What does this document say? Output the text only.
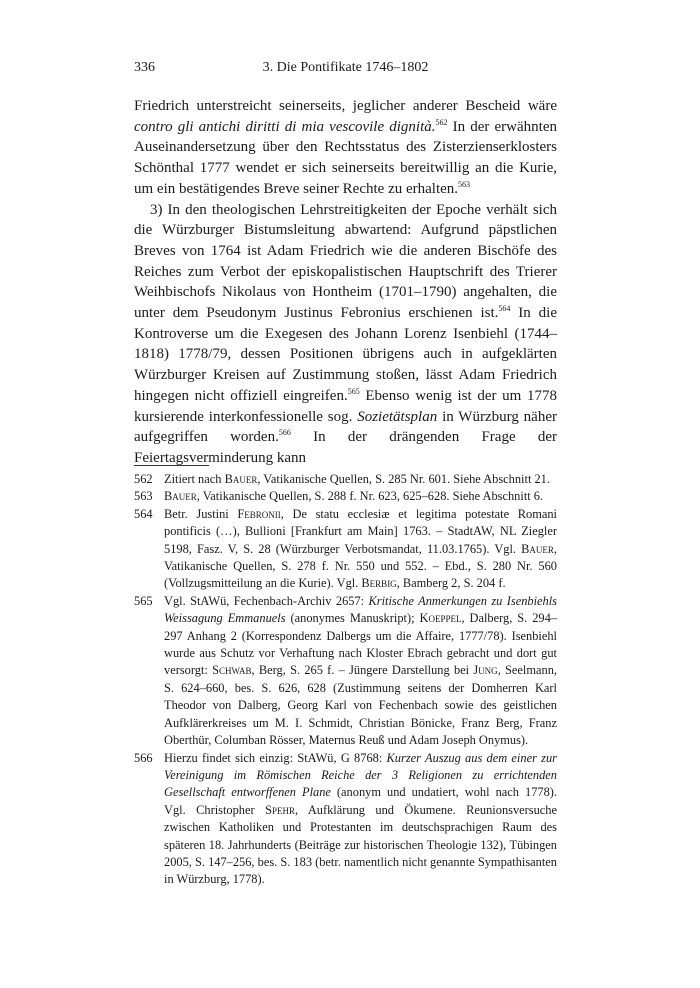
336	3. Die Pontifikate 1746–1802

Friedrich unterstreicht seinerseits, jeglicher anderer Bescheid wäre contro gli antichi diritti di mia vescovile dignità.$^{562}$ In der erwähnten Auseinandersetzung über den Rechtsstatus des Zisterzienserklosters Schönthal 1777 wendet er sich seinerseits bereitwillig an die Kurie, um ein bestätigendes Breve seiner Rechte zu erhalten.$^{563}$

3) In den theologischen Lehrstreitigkeiten der Epoche verhält sich die Würzburger Bistumsleitung abwartend: Aufgrund päpstlichen Breves von 1764 ist Adam Friedrich wie die anderen Bischöfe des Reiches zum Verbot der episkopalistischen Hauptschrift des Trierer Weihbischofs Nikolaus von Hontheim (1701–1790) angehalten, die unter dem Pseudonym Justinus Febronius erschienen ist.$^{564}$ In die Kontroverse um die Exegesen des Johann Lorenz Isenbiehl (1744–1818) 1778/79, dessen Positionen übrigens auch in aufgeklärten Würzburger Kreisen auf Zustimmung stoßen, lässt Adam Friedrich hingegen nicht offiziell eingreifen.$^{565}$ Ebenso wenig ist der um 1778 kursierende interkonfessionelle sog. Sozietätsplan in Würzburg näher aufgegriffen worden.$^{566}$ In der drängenden Frage der Feiertagsverminderung kann

562 Zitiert nach Bauer, Vatikanische Quellen, S. 285 Nr. 601. Siehe Abschnitt 21.
563 Bauer, Vatikanische Quellen, S. 288 f. Nr. 623, 625–628. Siehe Abschnitt 6.
564 Betr. Justini Febronii, De statu ecclesiæ et legitima potestate Romani pontificis (…), Bullioni [Frankfurt am Main] 1763. – StadtAW, NL Ziegler 5198, Fasz. V, S. 28 (Würzburger Verbotsmandat, 11.03.1765). Vgl. Bauer, Vatikanische Quellen, S. 278 f. Nr. 550 und 552. – Ebd., S. 280 Nr. 560 (Vollzugsmitteilung an die Kurie). Vgl. Berbig, Bamberg 2, S. 204 f.
565 Vgl. StAWü, Fechenbach-Archiv 2657: Kritische Anmerkungen zu Isenbiehls Weissagung Emmanuels (anonymes Manuskript); Koeppel, Dalberg, S. 294–297 Anhang 2 (Korrespondenz Dalbergs um die Affaire, 1777/78). Isenbiehl wurde aus Schutz vor Verhaftung nach Kloster Ebrach gebracht und dort gut versorgt: Schwab, Berg, S. 265 f. – Jüngere Darstellung bei Jung, Seelmann, S. 624–660, bes. S. 626, 628 (Zustimmung seitens der Domherren Karl Theodor von Dalberg, Georg Karl von Fechenbach sowie des geistlichen Aufklärerkreises um M. I. Schmidt, Christian Bönicke, Franz Berg, Franz Oberthür, Columban Rösser, Maternus Reuß und Adam Joseph Onymus).
566 Hierzu findet sich einzig: StAWü, G 8768: Kurzer Auszug aus dem einer zur Vereinigung im Römischen Reiche der 3 Religionen zu errichtenden Gesellschaft entworffenen Plane (anonym und undatiert, wohl nach 1778). Vgl. Christopher Spehr, Aufklärung und Ökumene. Reunionsversuche zwischen Katholiken und Protestanten im deutschsprachigen Raum des späteren 18. Jahrhunderts (Beiträge zur historischen Theologie 132), Tübingen 2005, S. 147–256, bes. S. 183 (betr. namentlich nicht genannte Sympathisanten in Würzburg, 1778).
